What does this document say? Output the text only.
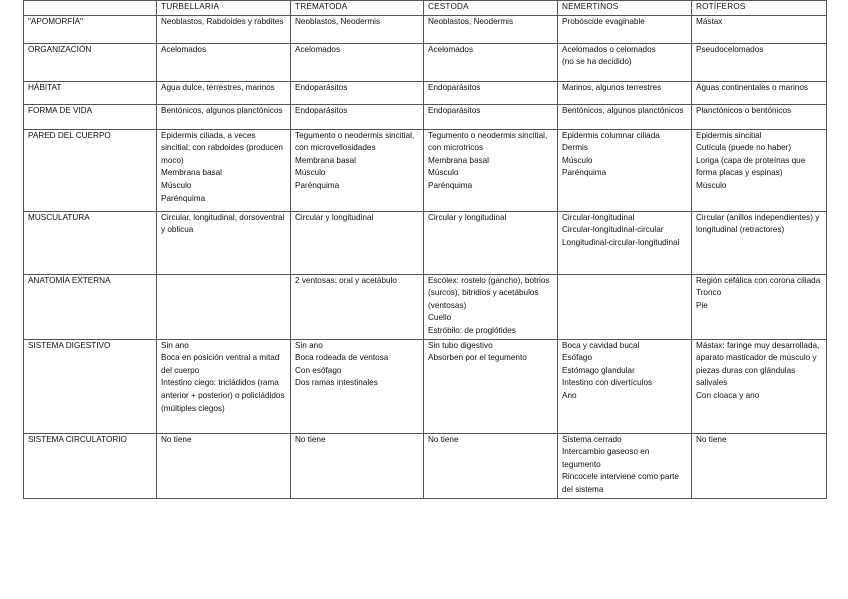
	TURBELLARIA	TREMATODA	CESTODA	NEMERTINOS	ROTÍFEROS
"APOMORFÍA"	Neoblastos, Rabdoides y rabdites	Neoblastos, Neodermis	Neoblastos, Neodermis	Probóscide evaginable	Mástax
ORGANIZACIÓN	Acelomados	Acelomados	Acelomados	Acelomados o celomados
(no se ha decidido)	Pseudocelomados
HÁBITAT	Agua dulce, terrestres, marinos	Endoparásitos	Endoparásitos	Marinos, algunos terrestres	Aguas continentales o marinos
FORMA DE VIDA	Bentónicos, algunos planctónicos	Endoparásitos	Endoparásitos	Bentónicos, algunos planctónicos	Planctónicos o bentónicos
PARED DEL CUERPO	Epidermis ciliada, a veces sincitial; con rabdoides (producen moco)
Membrana basal
Músculo
Parénquima	Tegumento o neodermis sincitial, con microvellosidades
Membrana basal
Músculo
Parénquima	Tegumento o neodermis sincitial, con microtricos
Membrana basal
Músculo
Parénquima	Epidermis columnar ciliada
Dermis
Músculo
Parénquima	Epidermis sincitial
Cutícula (puede no haber)
Loriga (capa de proteínas que forma placas y espinas)
Músculo
MUSCULATURA	Circular, longitudinal, dorsoventral y oblicua	Circular y longitudinal	Circular y longitudinal	Circular-longitudinal
Circular-longitudinal-circular
Longitudinal-circular-longitudinal	Circular (anillos independientes) y longitudinal (retractores)
ANATOMÍA EXTERNA		2 ventosas: oral y acetábulo	Escólex: rostelo (gancho), botrios (surcos), bitridios y acetábulos (ventosas)
Cuello
Estróbilo: de proglótides		Región cefálica con corona ciliada
Tronco
Pie
SISTEMA DIGESTIVO	Sin ano
Boca en posición ventral a mitad del cuerpo
Intestino ciego: tricládidos (rama anterior + posterior) o policládidos (múltiples ciegos)	Sin ano
Boca rodeada de ventosa
Con esófago
Dos ramas intestinales	Sin tubo digestivo
Absorben por el tegumento	Boca y cavidad bucal
Esófago
Estómago glandular
Intestino con divertículos
Ano	Mástax: faringe muy desarrollada, aparato masticador de músculo y piezas duras con glándulas salivales
Con cloaca y ano
SISTEMA CIRCULATORIO	No tiene	No tiene	No tiene	Sistema cerrado
Intercambio gaseoso en tegumento
Rincocele interviene como parte del sistema	No tiene
